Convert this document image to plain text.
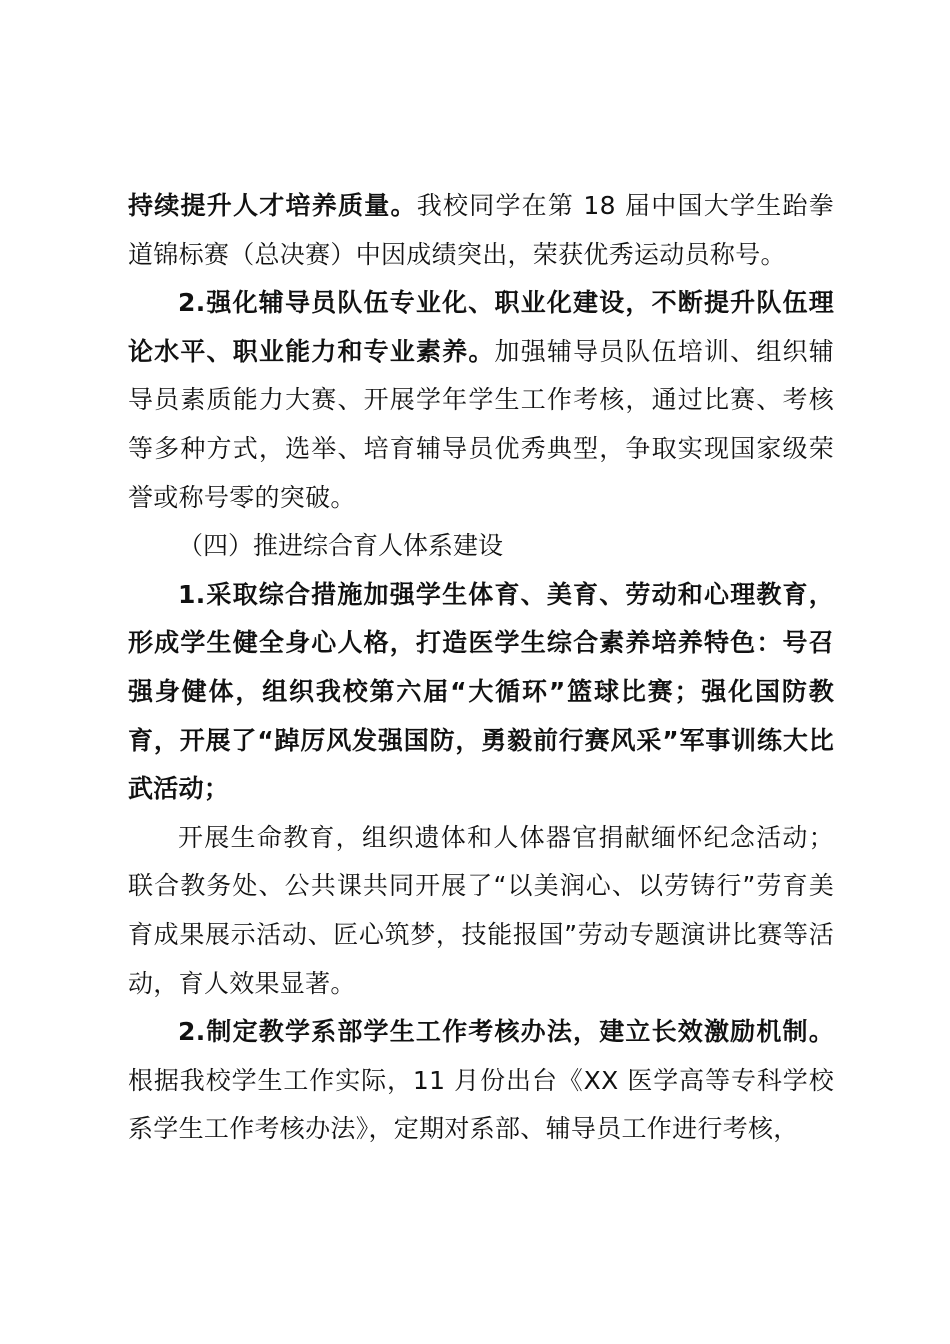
持续提升人才培养质量。我校同学在第 18 届中国大学生跆拳道锦标赛（总决赛）中因成绩突出，荣获优秀运动员称号。

2.强化辅导员队伍专业化、职业化建设，不断提升队伍理论水平、职业能力和专业素养。加强辅导员队伍培训、组织辅导员素质能力大赛、开展学年学生工作考核，通过比赛、考核等多种方式，选举、培育辅导员优秀典型，争取实现国家级荣誉或称号零的突破。

（四）推进综合育人体系建设

1.采取综合措施加强学生体育、美育、劳动和心理教育，形成学生健全身心人格，打造医学生综合素养培养特色：号召强身健体，组织我校第六届“大循环”篮球比赛；强化国防教育，开展了“踔厉风发强国防，勇毅前行赛风采”军事训练大比武活动；

开展生命教育，组织遗体和人体器官捐献缅怀纪念活动；联合教务处、公共课共同开展了“以美润心、以劳铸行”劳育美育成果展示活动、匠心筑梦，技能报国”劳动专题演讲比赛等活动，育人效果显著。

2.制定教学系部学生工作考核办法，建立长效激励机制。根据我校学生工作实际，11 月份出台《XX 医学高等专科学校系学生工作考核办法》，定期对系部、辅导员工作进行考核，
